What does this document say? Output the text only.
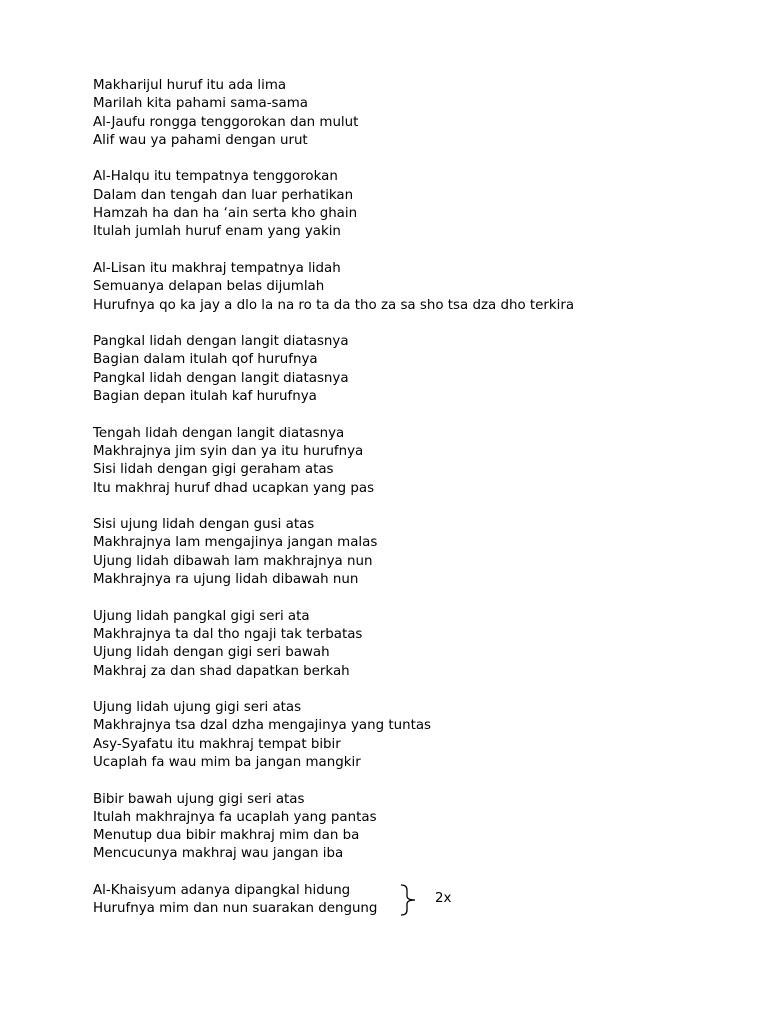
Makharijul huruf itu ada lima
Marilah kita pahami sama-sama
Al-Jaufu rongga tenggorokan dan mulut
Alif wau ya pahami dengan urut
Al-Halqu itu tempatnya tenggorokan
Dalam dan tengah dan luar perhatikan
Hamzah ha dan ha ‘ain serta kho ghain
Itulah jumlah huruf enam yang yakin
Al-Lisan itu makhraj tempatnya lidah
Semuanya delapan belas dijumlah
Hurufnya qo ka jay a dlo la na ro ta da tho za sa sho tsa dza dho terkira
Pangkal lidah dengan langit diatasnya
Bagian dalam itulah qof hurufnya
Pangkal lidah dengan langit diatasnya
Bagian depan itulah kaf hurufnya
Tengah lidah dengan langit diatasnya
Makhrajnya jim syin dan ya itu hurufnya
Sisi lidah dengan gigi geraham atas
Itu makhraj huruf dhad ucapkan yang pas
Sisi ujung lidah dengan gusi atas
Makhrajnya lam mengajinya jangan malas
Ujung lidah dibawah lam makhrajnya nun
Makhrajnya ra ujung lidah dibawah nun
Ujung lidah pangkal gigi seri ata
Makhrajnya ta dal tho ngaji tak terbatas
Ujung lidah dengan gigi seri bawah
Makhraj za dan shad dapatkan berkah
Ujung lidah ujung gigi seri atas
Makhrajnya tsa dzal dzha mengajinya yang tuntas
Asy-Syafatu itu makhraj tempat bibir
Ucaplah fa wau mim ba jangan mangkir
Bibir bawah ujung gigi seri atas
Itulah makhrajnya fa ucaplah yang pantas
Menutup dua bibir makhraj mim dan ba
Mencucunya makhraj wau jangan iba
Al-Khaisyum adanya dipangkal hidung
Hurufnya mim dan nun suarakan dengung
2x
